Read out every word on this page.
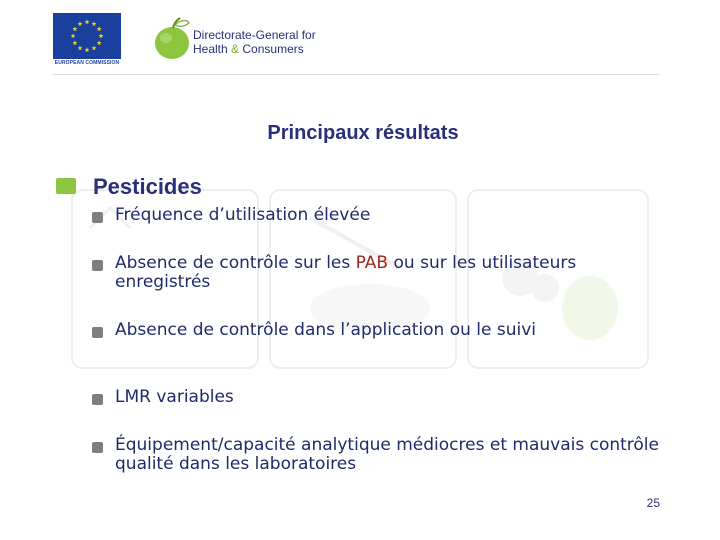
EUROPEAN COMMISSION
Directorate-General for
Health & Consumers
Principaux résultats
Pesticides
Fréquence d’utilisation élevée
Absence de contrôle sur les PAB ou sur les utilisateurs enregistrés
Absence de contrôle dans l’application ou le suivi
LMR variables
Équipement/capacité analytique médiocres et mauvais contrôle qualité dans les laboratoires
25
